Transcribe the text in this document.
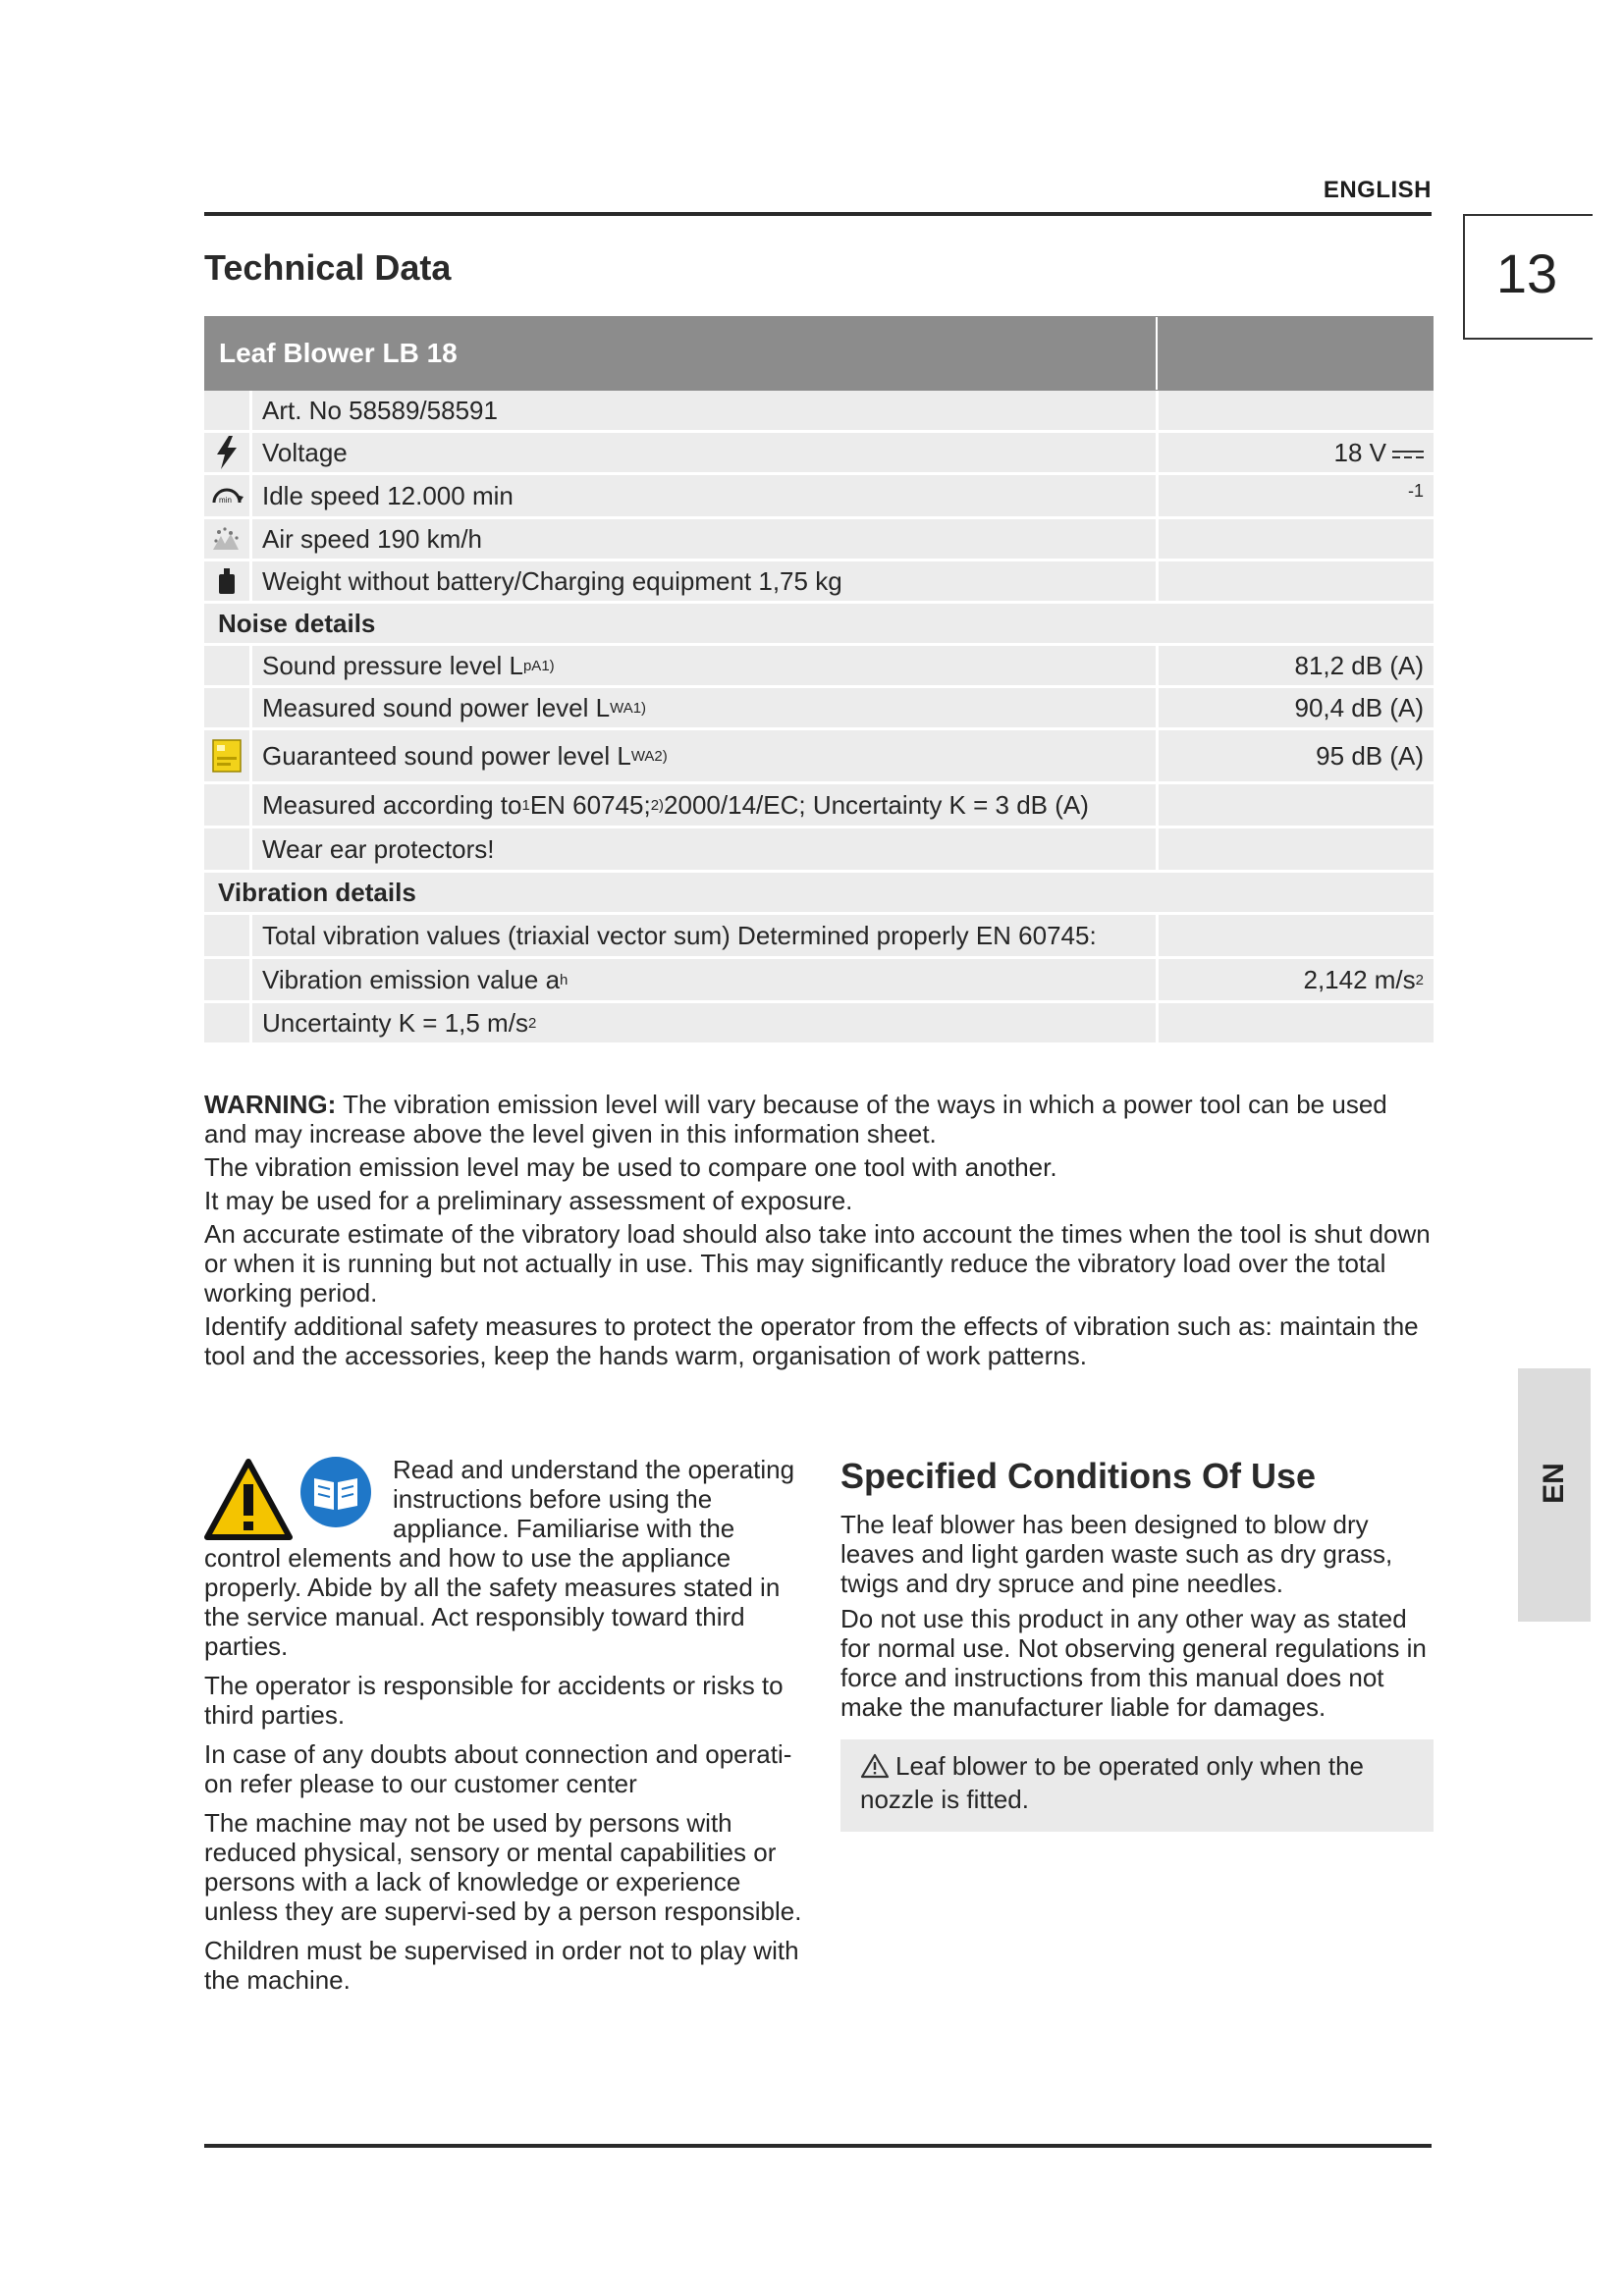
ENGLISH
13
Technical Data
Leaf Blower LB 18
Art. No 58589/58591
Voltage	18 V
min	Idle speed 12.000 min	-1
Air speed 190 km/h
Weight without battery/Charging equipment 1,75 kg
Noise details
Sound pressure level L pA 1)	81,2 dB (A)
Measured sound power level L WA 1)	90,4 dB (A)
Guaranteed sound power level L WA 2)	95 dB (A)
Measured according to 1 EN 60745; 2) 2000/14/EC; Uncertainty K = 3 dB (A)
Wear ear protectors!
Vibration details
Total vibration values (triaxial vector sum) Determined properly EN 60745:
Vibration emission value a h	2,142 m/s 2
Uncertainty K = 1,5 m/s 2

WARNING: The vibration emission level will vary because of the ways in which a power tool can be used and may increase above the level given in this information sheet.

The vibration emission level may be used to compare one tool with another.

It may be used for a preliminary assessment of exposure.

An accurate estimate of the vibratory load should also take into account the times when the tool is shut down or when it is running but not actually in use. This may significantly reduce the vibratory load over the total working period.

Identify additional safety measures to protect the operator from the effects of vibration such as: maintain the tool and the accessories, keep the hands warm, organisation of work patterns.

Read and understand the operating instructions before using the appliance. Familiarise with the control elements and how to use the appliance properly. Abide by all the safety measures stated in the service manual. Act responsibly toward third parties.

The operator is responsible for accidents or risks to third parties.

In case of any doubts about connection and operati-on refer please to our customer center

The machine may not be used by persons with reduced physical, sensory or mental capabilities or persons with a lack of knowledge or experience unless they are supervi-sed by a person responsible.

Children must be supervised in order not to play with the machine.

Specified Conditions Of Use

The leaf blower has been designed to blow dry leaves and light garden waste such as dry grass, twigs and dry spruce and pine needles.

Do not use this product in any other way as stated for normal use. Not observing general regulations in force and instructions from this manual does not make the manufacturer liable for damages.

Leaf blower to be operated only when the nozzle is fitted.
EN
